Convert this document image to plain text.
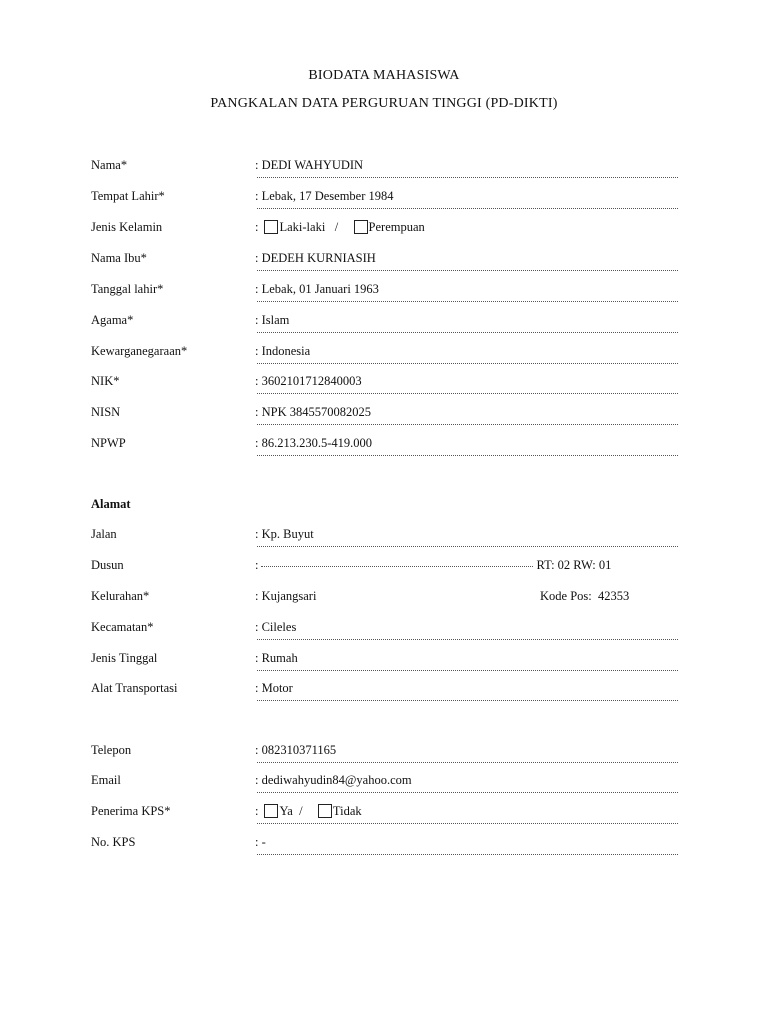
BIODATA MAHASISWA
PANGKALAN DATA PERGURUAN TINGGI (PD-DIKTI)
Nama*	: DEDI WAHYUDIN
Tempat Lahir*	: Lebak, 17 Desember 1984
Jenis Kelamin	: Laki-laki / Perempuan
Nama Ibu*	: DEDEH KURNIASIH
Tanggal lahir*	: Lebak, 01 Januari 1963
Agama*	: Islam
Kewarganegaraan*	: Indonesia
NIK*	: 3602101712840003
NISN	: NPK 3845570082025
NPWP	: 86.213.230.5-419.000
Alamat
Jalan	: Kp. Buyut
Dusun	:	RT: 02 RW: 01
Kelurahan*	: Kujangsari	Kode Pos: 42353
Kecamatan*	: Cileles
Jenis Tinggal	: Rumah
Alat Transportasi	: Motor
Telepon	: 082310371165
Email	: dediwahyudin84@yahoo.com
Penerima KPS*	: Ya / Tidak
No. KPS	: -
